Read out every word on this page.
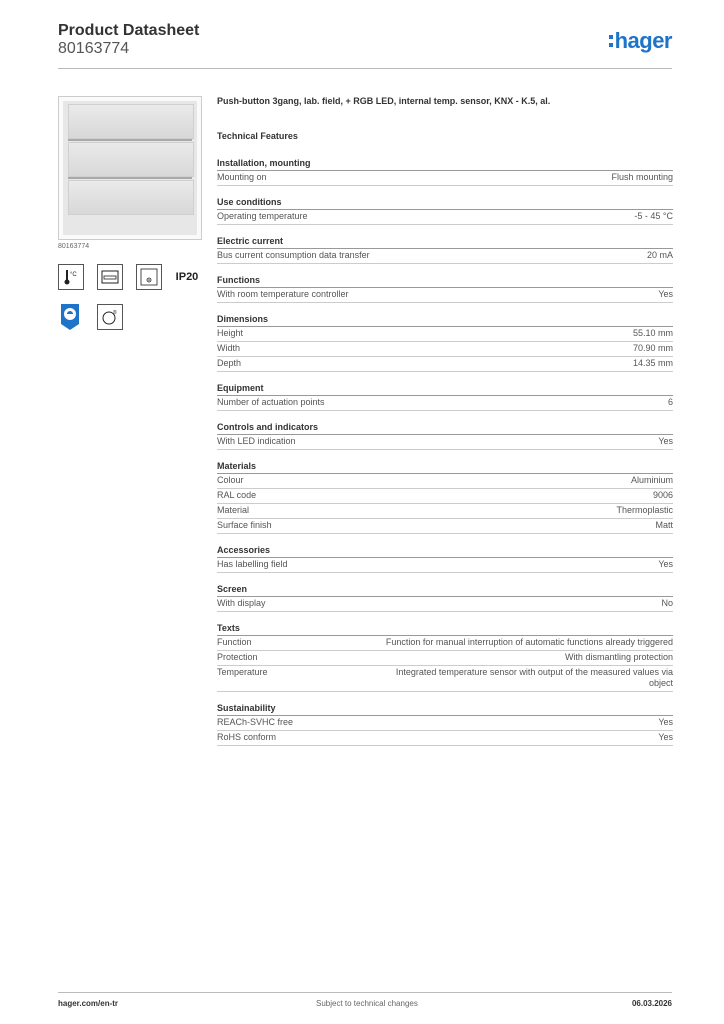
Product Datasheet
80163774	hager
80163774
°C	IP20
®
Push-button 3gang, lab. field, + RGB LED, internal temp. sensor, KNX - K.5, al.
Technical Features
Installation, mounting
Mounting on	Flush mounting
Use conditions
Operating temperature	-5 - 45 °C
Electric current
Bus current consumption data transfer	20 mA
Functions
With room temperature controller	Yes
Dimensions
Height	55.10 mm
Width	70.90 mm
Depth	14.35 mm
Equipment
Number of actuation points	6
Controls and indicators
With LED indication	Yes
Materials
Colour	Aluminium
RAL code	9006
Material	Thermoplastic
Surface finish	Matt
Accessories
Has labelling field	Yes
Screen
With display	No
Texts
Function	Function for manual interruption of automatic functions already triggered
Protection	With dismantling protection
Temperature	Integrated temperature sensor with output of the measured values via object
Sustainability
REACh-SVHC free	Yes
RoHS conform	Yes
hager.com/en-tr	Subject to technical changes	06.03.2026
